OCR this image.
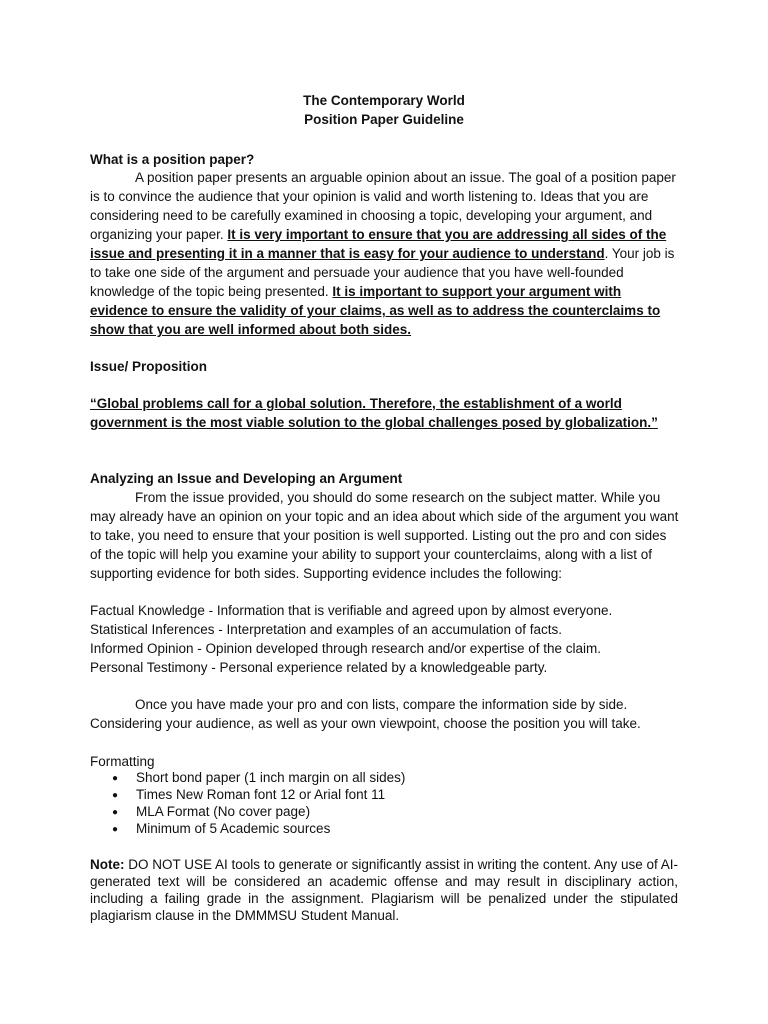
The Contemporary World
Position Paper Guideline
What is a position paper?

A position paper presents an arguable opinion about an issue. The goal of a position paper is to convince the audience that your opinion is valid and worth listening to. Ideas that you are considering need to be carefully examined in choosing a topic, developing your argument, and organizing your paper. It is very important to ensure that you are addressing all sides of the issue and presenting it in a manner that is easy for your audience to understand. Your job is to take one side of the argument and persuade your audience that you have well-founded knowledge of the topic being presented. It is important to support your argument with evidence to ensure the validity of your claims, as well as to address the counterclaims to show that you are well informed about both sides.

Issue/ Proposition

“Global problems call for a global solution. Therefore, the establishment of a world government is the most viable solution to the global challenges posed by globalization.”

Analyzing an Issue and Developing an Argument

From the issue provided, you should do some research on the subject matter. While you may already have an opinion on your topic and an idea about which side of the argument you want to take, you need to ensure that your position is well supported. Listing out the pro and con sides of the topic will help you examine your ability to support your counterclaims, along with a list of supporting evidence for both sides. Supporting evidence includes the following:

Factual Knowledge - Information that is verifiable and agreed upon by almost everyone.
Statistical Inferences - Interpretation and examples of an accumulation of facts.
Informed Opinion - Opinion developed through research and/or expertise of the claim.
Personal Testimony - Personal experience related by a knowledgeable party.

Once you have made your pro and con lists, compare the information side by side. Considering your audience, as well as your own viewpoint, choose the position you will take.

Formatting
● Short bond paper (1 inch margin on all sides)
● Times New Roman font 12 or Arial font 11
● MLA Format (No cover page)
● Minimum of 5 Academic sources

Note: DO NOT USE AI tools to generate or significantly assist in writing the content. Any use of AI-generated text will be considered an academic offense and may result in disciplinary action, including a failing grade in the assignment. Plagiarism will be penalized under the stipulated plagiarism clause in the DMMMSU Student Manual.
